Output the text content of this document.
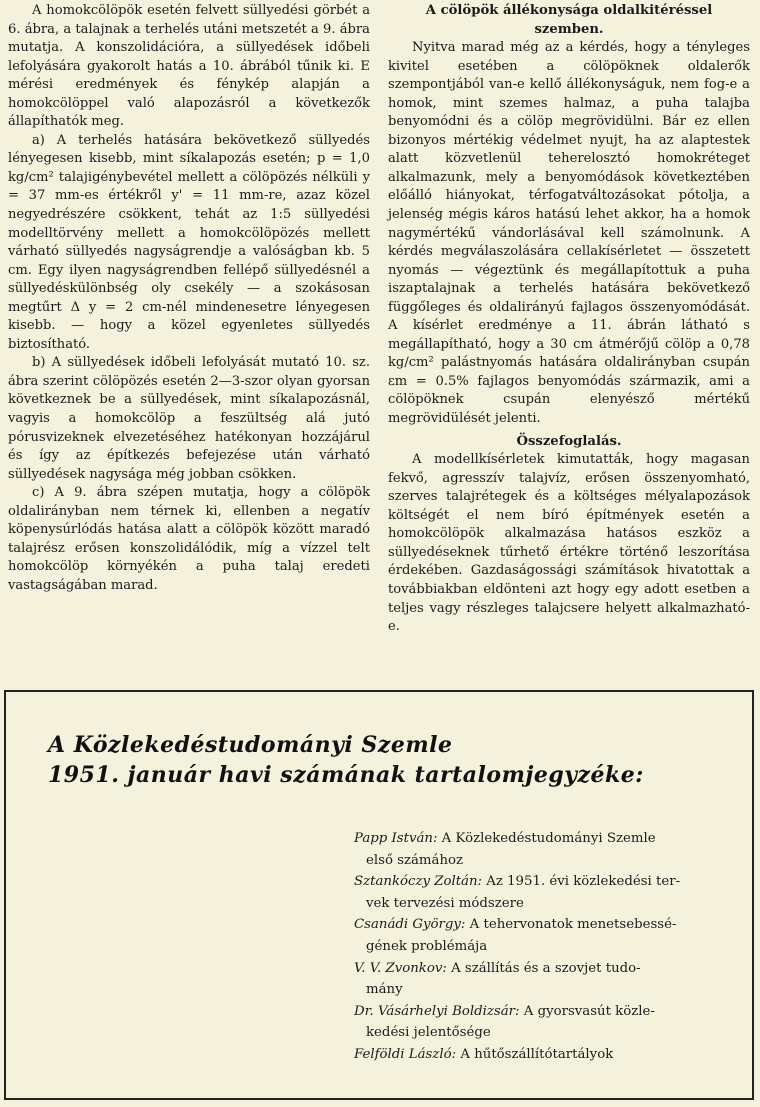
A homokcölöpök esetén felvett süllyedési görbét a 6. ábra, a talajnak a terhelés utáni metszetét a 9. ábra mutatja. A konszolidációra, a süllyedések időbeli lefolyására gyakorolt hatás a 10. ábrából tűnik ki. E mérési eredmények és fénykép alapján a homokcölöppel való alapozásról a következők állapíthatók meg.

a) A terhelés hatására bekövetkező süllyedés lényegesen kisebb, mint síkalapozás esetén; p = 1,0 kg/cm² talajigénybevétel mellett a cölöpözés nélküli y = 37 mm-es értékről y' = 11 mm-re, azaz közel negyedrészére csökkent, tehát az 1:5 süllyedési modelltörvény mellett a homokcölöpözés mellett várható süllyedés nagyságrendje a valóságban kb. 5 cm. Egy ilyen nagyságrendben fellépő süllyedésnél a süllyedéskülönbség oly csekély — a szokásosan megtűrt Δ y = 2 cm-nél mindenesetre lényegesen kisebb. — hogy a közel egyenletes süllyedés biztosítható.

b) A süllyedések időbeli lefolyását mutató 10. sz. ábra szerint cölöpözés esetén 2—3-szor olyan gyorsan következnek be a süllyedések, mint síkalapozásnál, vagyis a homokcölöp a feszültség alá jutó pórusvizeknek elvezetéséhez hatékonyan hozzájárul és így az építkezés befejezése után várható süllyedések nagysága még jobban csökken.

c) A 9. ábra szépen mutatja, hogy a cölöpök oldalirányban nem térnek ki, ellenben a negatív köpenysúrlódás hatása alatt a cölöpök között maradó talajrész erősen konszolidálódik, míg a vízzel telt homokcölöp környékén a puha talaj eredeti vastagságában marad.

A cölöpök állékonysága oldalkitéréssel
szemben.

Nyitva marad még az a kérdés, hogy a tényleges kivitel esetében a cölöpöknek oldalerők szempontjából van-e kellő állékonyságuk, nem fog-e a homok, mint szemes halmaz, a puha talajba benyomódni és a cölöp megrövidülni. Bár ez ellen bizonyos mértékig védelmet nyujt, ha az alaptestek alatt közvetlenül teherelosztó homokréteget alkalmazunk, mely a benyomódások következtében előálló hiányokat, térfogatváltozásokat pótolja, a jelenség mégis káros hatású lehet akkor, ha a homok nagymértékű vándorlásával kell számolnunk. A kérdés megválaszolására cellakísérletet — összetett nyomás — végeztünk és megállapítottuk a puha iszaptalajnak a terhelés hatására bekövetkező függőleges és oldalirányú fajlagos összenyomódását. A kísérlet eredménye a 11. ábrán látható s megállapítható, hogy a 30 cm átmérőjű cölöp a 0,78 kg/cm² palástnyomás hatására oldalirányban csupán εm = 0.5% fajlagos benyomódás származik, ami a cölöpöknek csupán elenyésző mértékű megrövidülését jelenti.

Összefoglalás.

A modellkísérletek kimutatták, hogy magasan fekvő, agresszív talajvíz, erősen összenyomható, szerves talajrétegek és a költséges mélyalapozások költségét el nem bíró építmények esetén a homokcölöpök alkalmazása hatásos eszköz a süllyedéseknek tűrhető értékre történő leszorítása érdekében. Gazdaságossági számítások hivatottak a továbbiakban eldönteni azt hogy egy adott esetben a teljes vagy részleges talajcsere helyett alkalmazható-e.

A Közlekedéstudományi Szemle
1951. január havi számának tartalomjegyzéke:
Papp István: A Közlekedéstudományi Szemle
első számához
Sztankóczy Zoltán: Az 1951. évi közlekedési ter-
vek tervezési módszere
Csanádi György: A tehervonatok menetsebessé-
gének problémája
V. V. Zvonkov: A szállítás és a szovjet tudo-
mány
Dr. Vásárhelyi Boldizsár: A gyorsvasút közle-
kedési jelentősége
Felföldi László: A hűtőszállítótartályok
